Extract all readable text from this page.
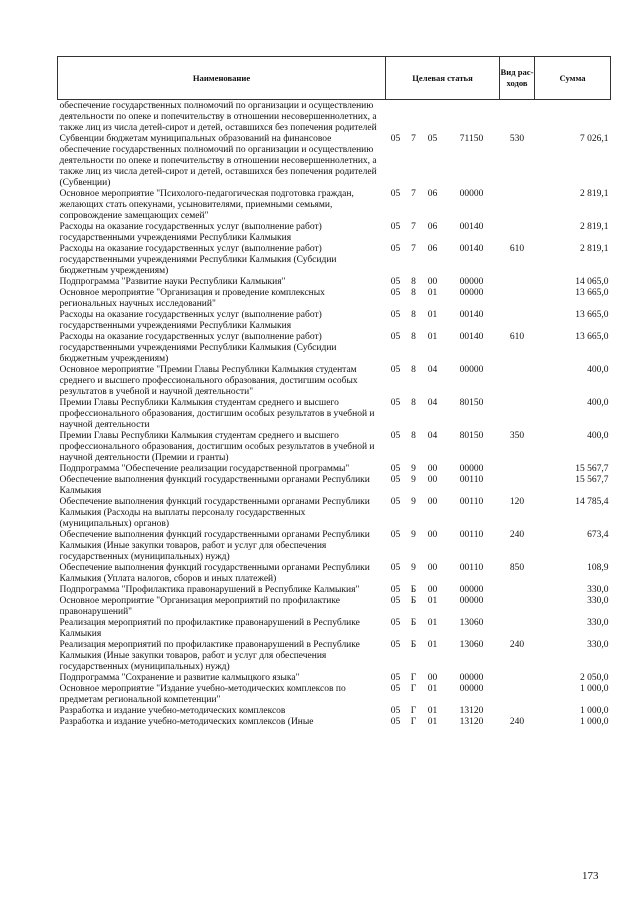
Наименование	Целевая статья				Вид рас-ходов	Сумма
обеспечение государственных полномочий по организации и осуществлению деятельности по опеке и попечительству в отношении несовершеннолетних, а также лиц из числа детей-сирот и детей, оставшихся без попечения родителей						
Субвенции бюджетам муниципальных образований на финансовое обеспечение государственных полномочий по организации и осуществлению деятельности по опеке и попечительству в отношении несовершеннолетних, а также лиц из числа детей-сирот и детей, оставшихся без попечения родителей (Субвенции)	05	7	05	71150	530	7 026,1
Основное мероприятие "Психолого-педагогическая подготовка граждан, желающих стать опекунами, усыновителями, приемными семьями, сопровождение замещающих семей"	05	7	06	00000		2 819,1
Расходы на оказание государственных услуг (выполнение работ) государственными учреждениями Республики Калмыкия	05	7	06	00140		2 819,1
Расходы на оказание государственных услуг (выполнение работ) государственными учреждениями Республики Калмыкия (Субсидии бюджетным учреждениям)	05	7	06	00140	610	2 819,1
Подпрограмма "Развитие науки Республики Калмыкия"	05	8	00	00000		14 065,0
Основное мероприятие "Организация и проведение комплексных региональных научных исследований"	05	8	01	00000		13 665,0
Расходы на оказание государственных услуг (выполнение работ) государственными учреждениями Республики Калмыкия	05	8	01	00140		13 665,0
Расходы на оказание государственных услуг (выполнение работ) государственными учреждениями Республики Калмыкия (Субсидии бюджетным учреждениям)	05	8	01	00140	610	13 665,0
Основное мероприятие "Премии Главы Республики Калмыкия студентам среднего и высшего профессионального образования, достигшим особых результатов в учебной и научной деятельности"	05	8	04	00000		400,0
Премии Главы Республики Калмыкия студентам среднего и высшего профессионального образования, достигшим особых результатов в учебной и научной деятельности	05	8	04	80150		400,0
Премии Главы Республики Калмыкия студентам среднего и высшего профессионального образования, достигшим особых результатов в учебной и научной деятельности (Премии и гранты)	05	8	04	80150	350	400,0
Подпрограмма "Обеспечение реализации государственной программы"	05	9	00	00000		15 567,7
Обеспечение выполнения функций государственными органами Республики Калмыкия	05	9	00	00110		15 567,7
Обеспечение выполнения функций государственными органами Республики Калмыкия (Расходы на выплаты персоналу государственных (муниципальных) органов)	05	9	00	00110	120	14 785,4
Обеспечение выполнения функций государственными органами Республики Калмыкия (Иные закупки товаров, работ и услуг для обеспечения государственных (муниципальных) нужд)	05	9	00	00110	240	673,4
Обеспечение выполнения функций государственными органами Республики Калмыкия (Уплата налогов, сборов и иных платежей)	05	9	00	00110	850	108,9
Подпрограмма "Профилактика правонарушений в Республике Калмыкия"	05	Б	00	00000		330,0
Основное мероприятие "Организация мероприятий по профилактике правонарушений"	05	Б	01	00000		330,0
Реализация мероприятий по профилактике правонарушений в Республике Калмыкия	05	Б	01	13060		330,0
Реализация мероприятий по профилактике правонарушений в Республике Калмыкия (Иные закупки товаров, работ и услуг для обеспечения государственных (муниципальных) нужд)	05	Б	01	13060	240	330,0
Подпрограмма "Сохранение и развитие калмыцкого языка"	05	Г	00	00000		2 050,0
Основное мероприятие "Издание учебно-методических комплексов по предметам региональной компетенции"	05	Г	01	00000		1 000,0
Разработка и издание учебно-методических комплексов	05	Г	01	13120		1 000,0
Разработка и издание учебно-методических комплексов (Иные	05	Г	01	13120	240	1 000,0
173
